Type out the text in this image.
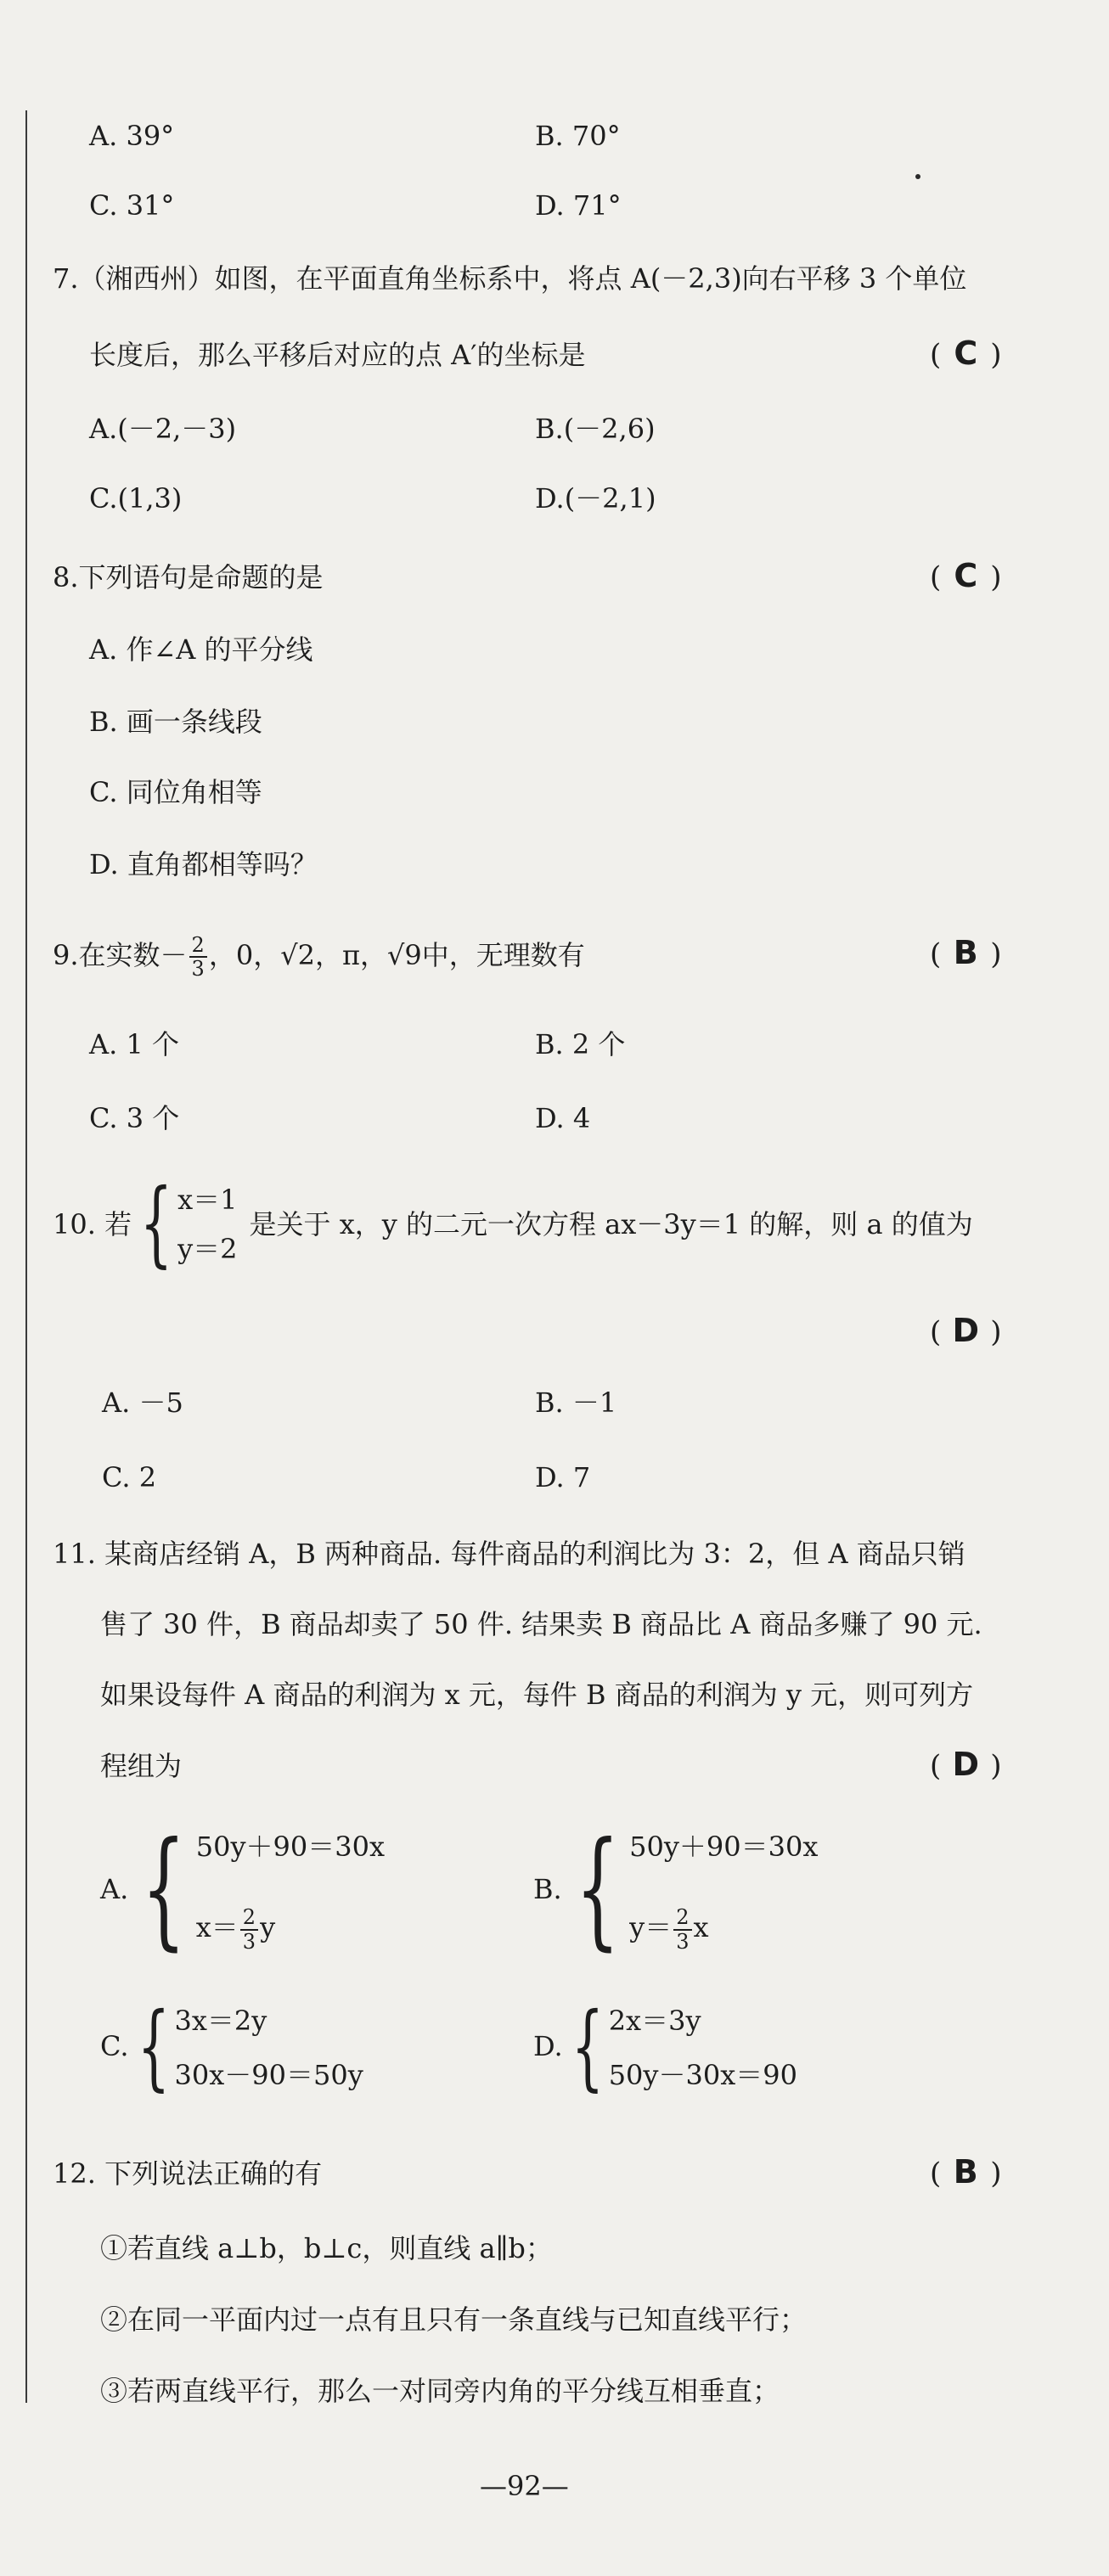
A. 39°	B. 70°
C. 31°	D. 71°
7.（湘西州）如图，在平面直角坐标系中，将点 A(－2,3)向右平移 3 个单位
长度后，那么平移后对应的点 A′的坐标是	( C )
A.(－2,－3)	B.(－2,6)
C.(1,3)	D.(－2,1)
8.下列语句是命题的是	( C )
A. 作∠A 的平分线
B. 画一条线段
C. 同位角相等
D. 直角都相等吗？
9.在实数－ $\frac{2}{3}$ ，0，√2，π，√9中，无理数有	( B )
A. 1 个	B. 2 个
C. 3 个	D. 4
10. 若 { x＝1
y＝2
是关于 x，y 的二元一次方程 ax－3y＝1 的解，则 a 的值为
( D )
A. －5	B. －1
C. 2	D. 7
11. 某商店经销 A，B 两种商品. 每件商品的利润比为 3：2，但 A 商品只销
售了 30 件，B 商品却卖了 50 件. 结果卖 B 商品比 A 商品多赚了 90 元.
如果设每件 A 商品的利润为 x 元，每件 B 商品的利润为 y 元，则可列方
程组为	( D )
A. { 50y＋90＝30x
$x= \frac{2}{3}$ y
B. { 50y＋90＝30x
$y= \frac{2}{3}$ x
C. { 3x＝2y
30x－90＝50y
D. { 2x＝3y
50y－30x＝90
12. 下列说法正确的有	( B )
①若直线 a⊥b，b⊥c，则直线 a∥b；
②在同一平面内过一点有且只有一条直线与已知直线平行；
③若两直线平行，那么一对同旁内角的平分线互相垂直；
—92—
